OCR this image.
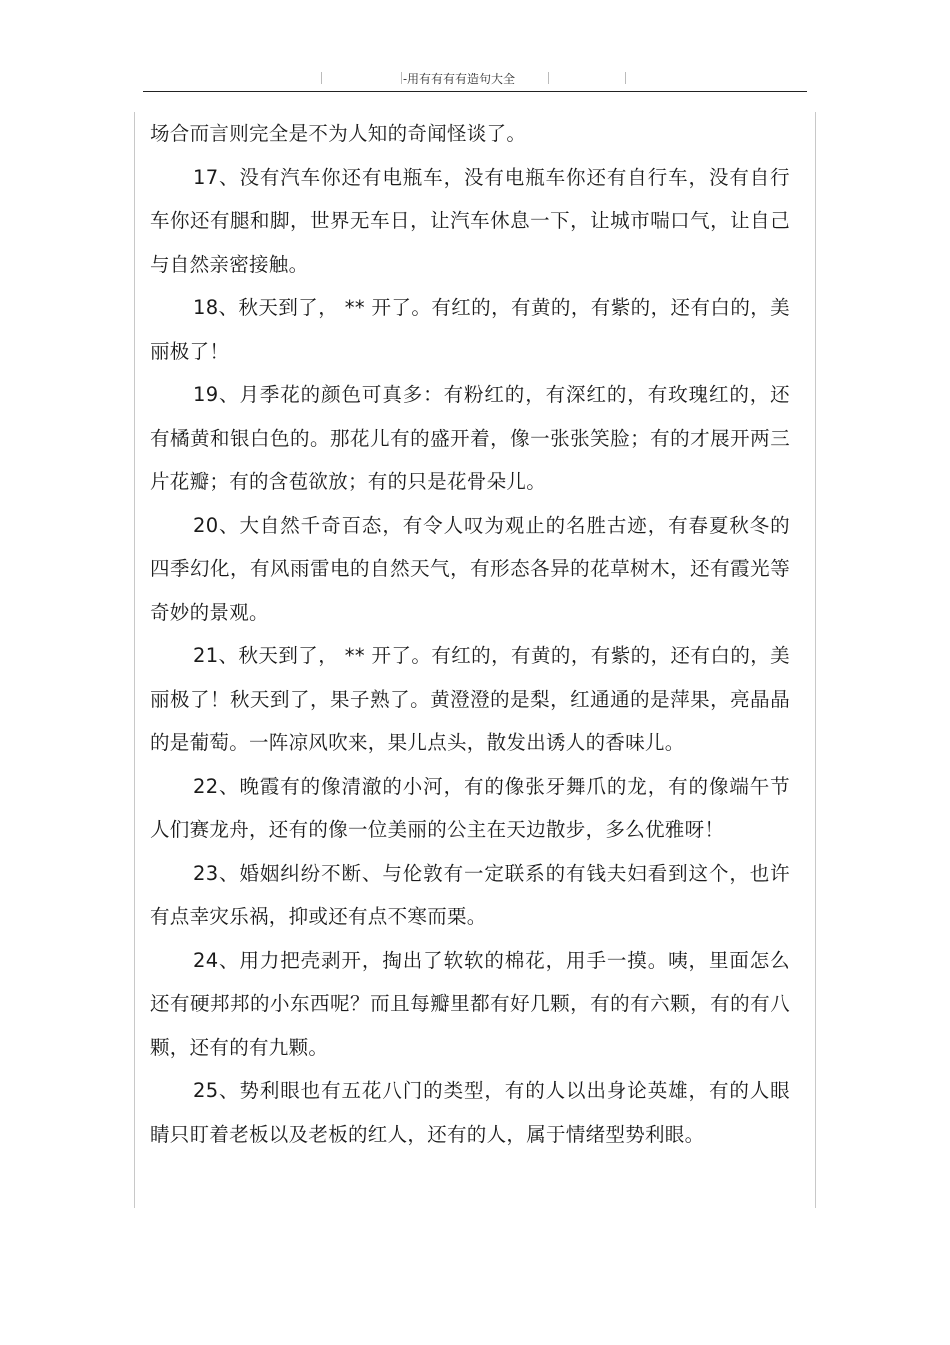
-用有有有有造句大全

场合而言则完全是不为人知的奇闻怪谈了。

17、没有汽车你还有电瓶车，没有电瓶车你还有自行车，没有自行车你还有腿和脚，世界无车日，让汽车休息一下，让城市喘口气，让自己与自然亲密接触。

18、秋天到了， ** 开了。有红的，有黄的，有紫的，还有白的，美丽极了！

19、月季花的颜色可真多：有粉红的，有深红的，有玫瑰红的，还有橘黄和银白色的。那花儿有的盛开着，像一张张笑脸；有的才展开两三片花瓣；有的含苞欲放；有的只是花骨朵儿。

20、大自然千奇百态，有令人叹为观止的名胜古迹，有春夏秋冬的四季幻化，有风雨雷电的自然天气，有形态各异的花草树木，还有霞光等奇妙的景观。

21、秋天到了， ** 开了。有红的，有黄的，有紫的，还有白的，美丽极了！秋天到了，果子熟了。黄澄澄的是梨，红通通的是萍果，亮晶晶的是葡萄。一阵凉风吹来，果儿点头，散发出诱人的香味儿。

22、晚霞有的像清澈的小河，有的像张牙舞爪的龙，有的像端午节人们赛龙舟，还有的像一位美丽的公主在天边散步，多么优雅呀！

23、婚姻纠纷不断、与伦敦有一定联系的有钱夫妇看到这个，也许有点幸灾乐祸，抑或还有点不寒而栗。

24、用力把壳剥开，掏出了软软的棉花，用手一摸。咦，里面怎么还有硬邦邦的小东西呢？而且每瓣里都有好几颗，有的有六颗，有的有八颗，还有的有九颗。

25、势利眼也有五花八门的类型，有的人以出身论英雄，有的人眼睛只盯着老板以及老板的红人，还有的人，属于情绪型势利眼。
